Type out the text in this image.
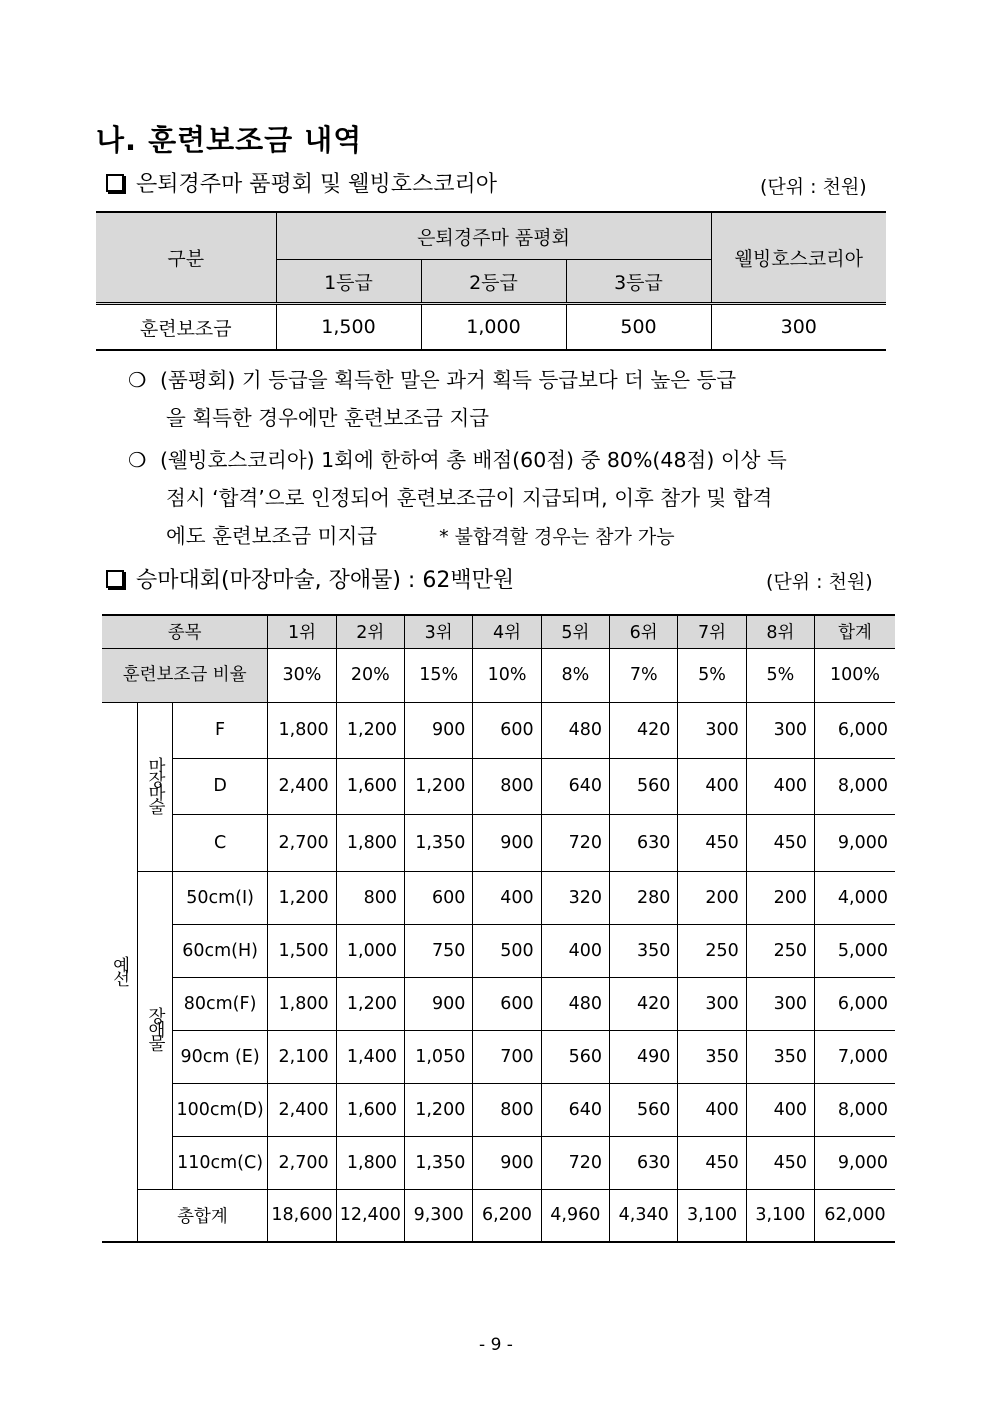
나. 훈련보조금 내역
은퇴경주마 품평회 및 웰빙호스코리아	(단위 : 천원)
구분	은퇴경주마 품평회			웰빙호스코리아
	1등급	2등급	3등급	
훈련보조금	1,500	1,000	500	300
❍ (품평회) 기 등급을 획득한 말은 과거 획득 등급보다 더 높은 등급
을 획득한 경우에만 훈련보조금 지급
❍ (웰빙호스코리아) 1회에 한하여 총 배점(60점) 중 80%(48점) 이상 득
점시 ‘합격’으로 인정되어 훈련보조금이 지급되며, 이후 참가 및 합격
에도 훈련보조금 미지급	* 불합격할 경우는 참가 가능
승마대회(마장마술, 장애물) : 62백만원	(단위 : 천원)
종목			1위	2위	3위	4위	5위	6위	7위	8위	합계
훈련보조금 비율			30%	20%	15%	10%	8%	7%	5%	5%	100%
예선	마장마술	F	1,800	1,200	900	600	480	420	300	300	6,000
		D	2,400	1,600	1,200	800	640	560	400	400	8,000
		C	2,700	1,800	1,350	900	720	630	450	450	9,000
	장애물	50cm(I)	1,200	800	600	400	320	280	200	200	4,000
		60cm(H)	1,500	1,000	750	500	400	350	250	250	5,000
		80cm(F)	1,800	1,200	900	600	480	420	300	300	6,000
		90cm (E)	2,100	1,400	1,050	700	560	490	350	350	7,000
		100cm(D)	2,400	1,600	1,200	800	640	560	400	400	8,000
		110cm(C)	2,700	1,800	1,350	900	720	630	450	450	9,000
	총합계		18,600	12,400	9,300	6,200	4,960	4,340	3,100	3,100	62,000
- 9 -
